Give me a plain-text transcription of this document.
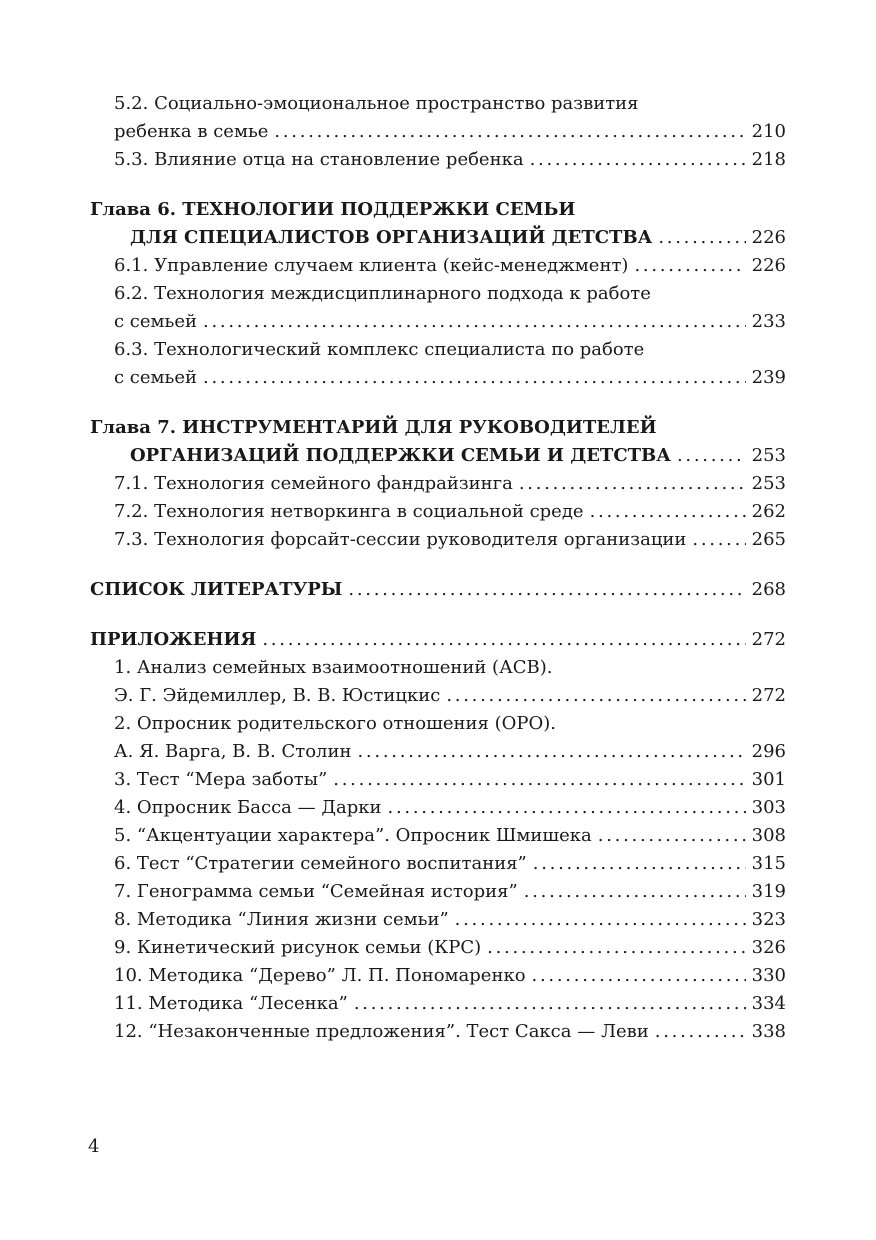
5.2. Социально-эмоциональное пространство развития
ребенка в семье . . .	210
5.3. Влияние отца на становление ребенка . . .	218
Глава 6. ТЕХНОЛОГИИ ПОДДЕРЖКИ СЕМЬИ
ДЛЯ СПЕЦИАЛИСТОВ ОРГАНИЗАЦИЙ ДЕТСТВА . . .	226
6.1. Управление случаем клиента (кейс-менеджмент) . . .	226
6.2. Технология междисциплинарного подхода к работе
с семьей . . .	233
6.3. Технологический комплекс специалиста по работе
с семьей . . .	239
Глава 7. ИНСТРУМЕНТАРИЙ ДЛЯ РУКОВОДИТЕЛЕЙ
ОРГАНИЗАЦИЙ ПОДДЕРЖКИ СЕМЬИ И ДЕТСТВА . . .	253
7.1. Технология семейного фандрайзинга . . .	253
7.2. Технология нетворкинга в социальной среде . . .	262
7.3. Технология форсайт-сессии руководителя организации . . .	265
СПИСОК ЛИТЕРАТУРЫ . . .	268
ПРИЛОЖЕНИЯ . . .	272
1. Анализ семейных взаимоотношений (АСВ).
Э. Г. Эйдемиллер, В. В. Юстицкис . . .	272
2. Опросник родительского отношения (ОРО).
А. Я. Варга, В. В. Столин . . .	296
3. Тест “Мера заботы” . . .	301
4. Опросник Басса — Дарки . . .	303
5. “Акцентуации характера”. Опросник Шмишека . . .	308
6. Тест “Стратегии семейного воспитания” . . .	315
7. Генограмма семьи “Семейная история” . . .	319
8. Методика “Линия жизни семьи” . . .	323
9. Кинетический рисунок семьи (КРС) . . .	326
10. Методика “Дерево” Л. П. Пономаренко . . .	330
11. Методика “Лесенка” . . .	334
12. “Незаконченные предложения”. Тест Сакса — Леви . . .	338
4
